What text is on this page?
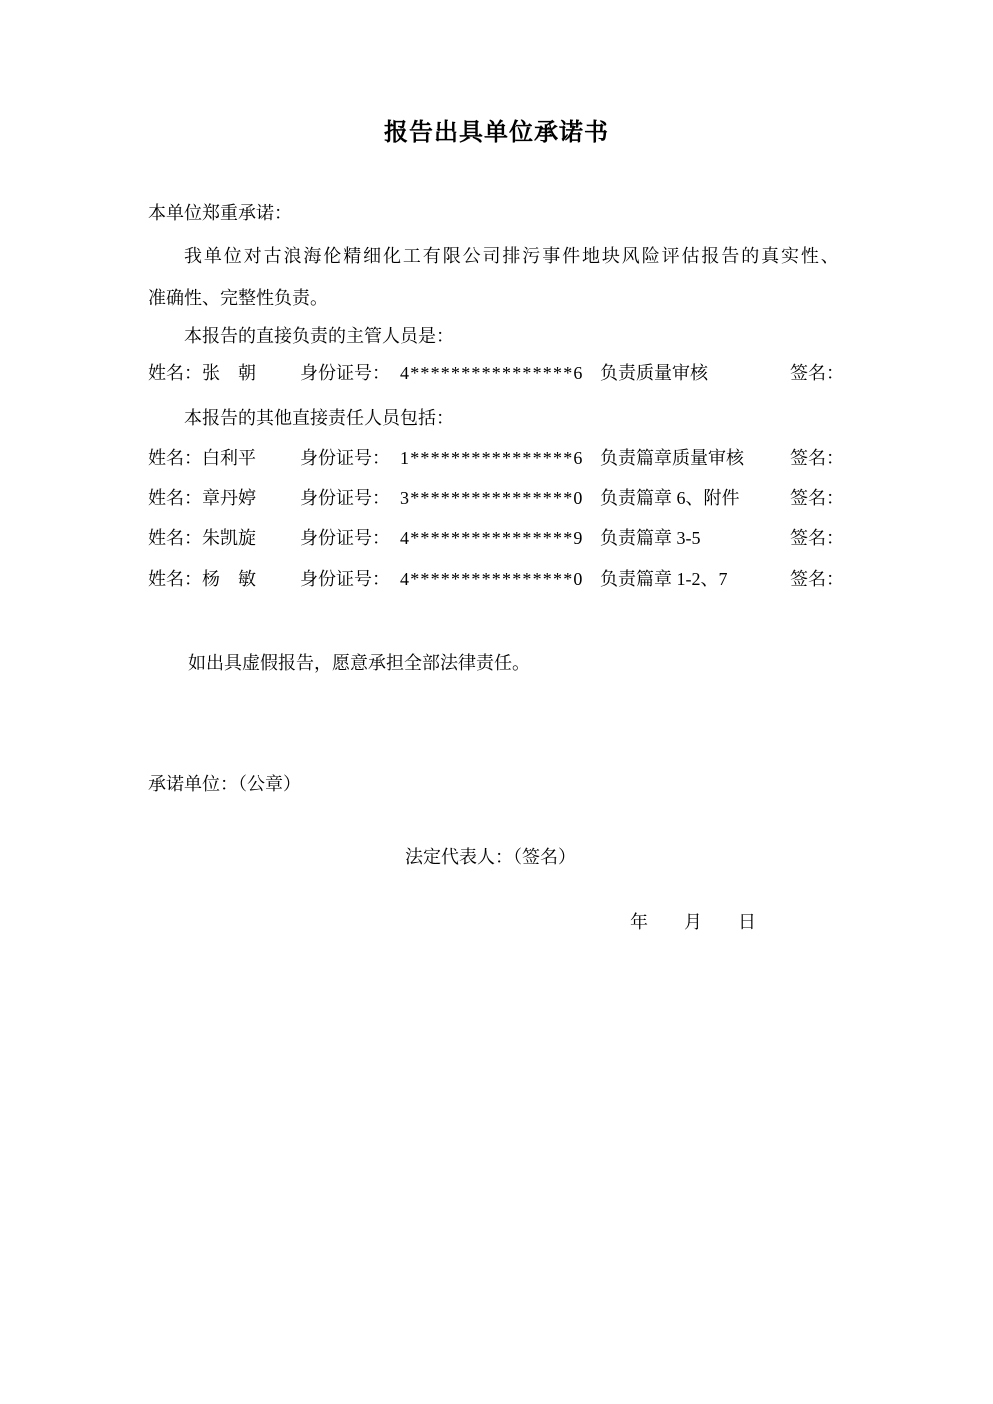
报告出具单位承诺书
本单位郑重承诺：
我单位对古浪海伦精细化工有限公司排污事件地块风险评估报告的真实性、
准确性、完整性负责。
本报告的直接负责的主管人员是：
姓名：张　朝 身份证号： 4****************6 负责质量审核	签名：
本报告的其他直接责任人员包括：
姓名：白利平 身份证号： 1****************6 负责篇章质量审核	签名：
姓名：章丹婷 身份证号： 3****************0 负责篇章 6、附件	签名：
姓名：朱凯旋 身份证号： 4****************9 负责篇章 3-5	签名：
姓名：杨　敏 身份证号： 4****************0 负责篇章 1-2、7	签名：
如出具虚假报告，愿意承担全部法律责任。
承诺单位：（公章）
法定代表人：（签名）
年　　月　　日
